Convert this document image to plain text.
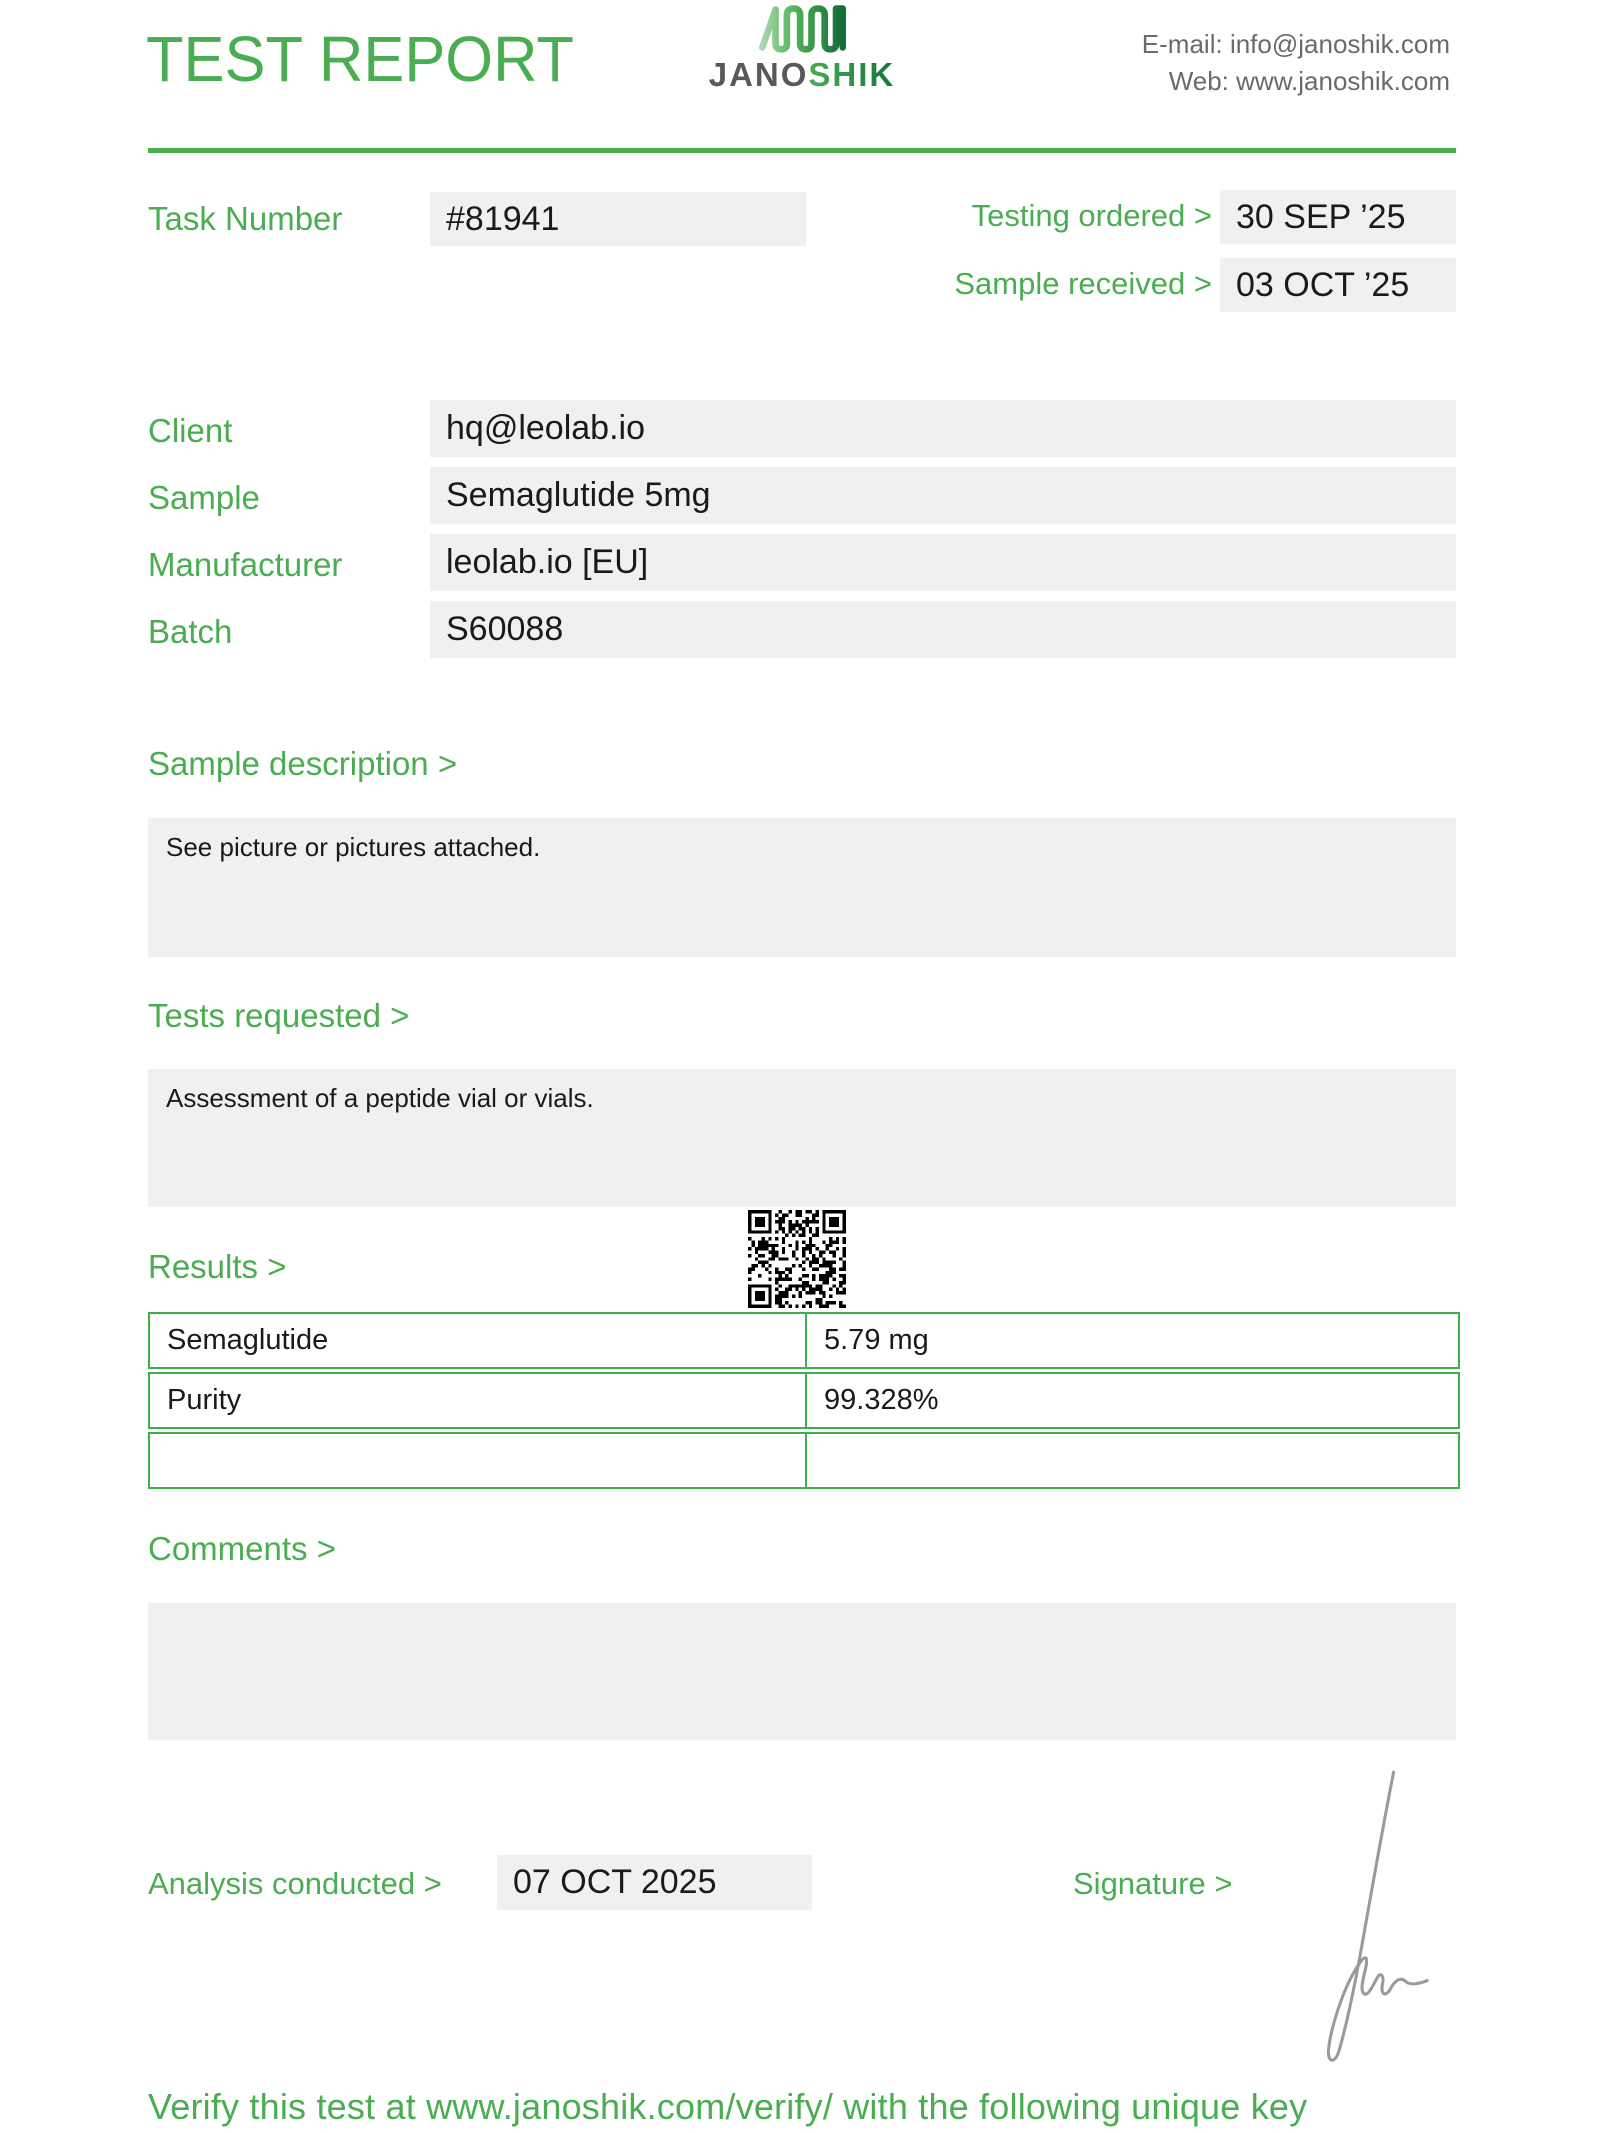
TEST REPORT	JANOSHIK
E-mail: info@janoshik.com
Web: www.janoshik.com
Task Number	#81941	Testing ordered > 30 SEP ’25
Sample received > 03 OCT ’25
Client	hq@leolab.io
Sample	Semaglutide 5mg
Manufacturer	leolab.io [EU]
Batch	S60088
Sample description >
See picture or pictures attached.
Tests requested >
Assessment of a peptide vial or vials.
Results >
Semaglutide	5.79 mg
Purity	99.328%
Comments >
Analysis conducted >	07 OCT 2025	Signature >
Verify this test at www.janoshik.com/verify/ with the following unique key
